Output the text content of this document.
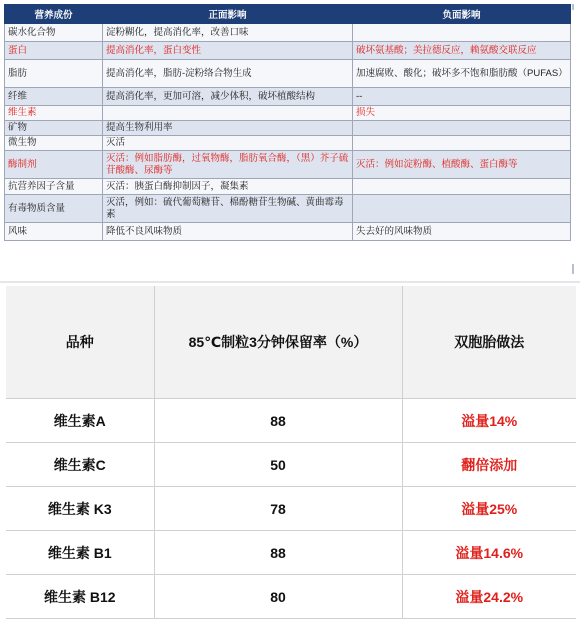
营养成份	正面影响	负面影响
碳水化合物	淀粉糊化，提高消化率，改善口味	
蛋白	提高消化率，蛋白变性	破坏氨基酸；美拉德反应，赖氨酸交联反应
脂肪	提高消化率，脂肪-淀粉络合物生成	加速腐败、酸化；破坏多不饱和脂肪酸（PUFAS）
纤维	提高消化率，更加可溶，减少体积，破坏植酸结构	--
维生素		损失
矿物	提高生物利用率	
微生物	灭活	
酶制剂	灭活：例如脂肪酶，过氧物酶，脂肪氧合酶，（黑）芥子硫苷酸酶、尿酶等	灭活：例如淀粉酶、植酸酶、蛋白酶等
抗营养因子含量	灭活：胰蛋白酶抑制因子，凝集素	
有毒物质含量	灭活，例如：硫代葡萄糖苷、棉酚糖苷生物碱、黄曲霉毒素	
风味	降低不良风味物质	失去好的风味物质
品种	85℃制粒3分钟保留率（%）	双胞胎做法
维生素A	88	溢量14%
维生素C	50	翻倍添加
维生素 K3	78	溢量25%
维生素 B1	88	溢量14.6%
维生素 B12	80	溢量24.2%
